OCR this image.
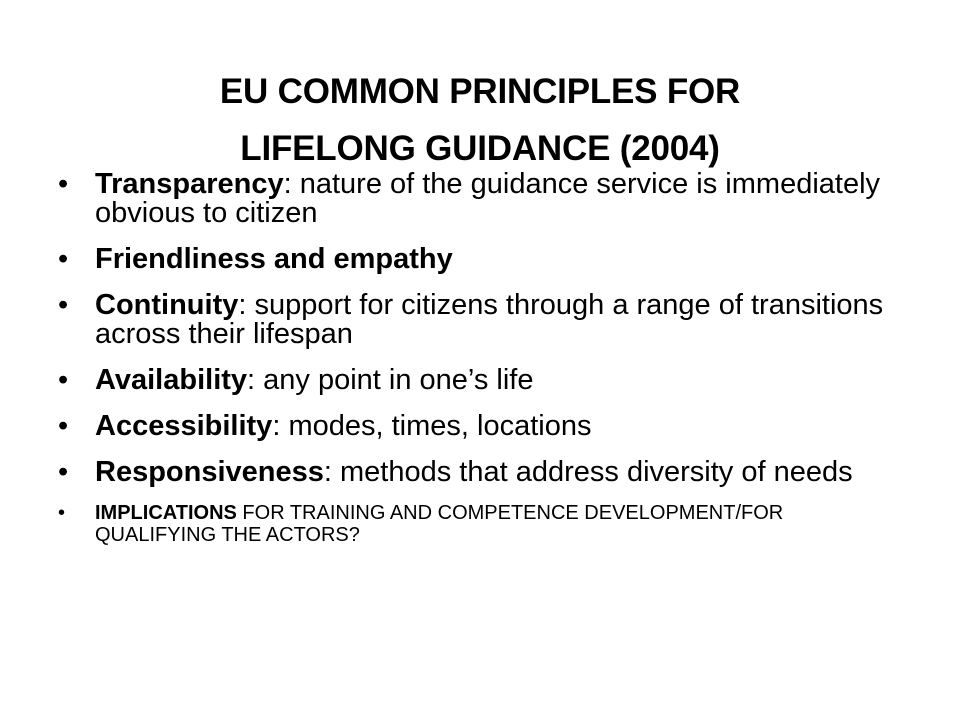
EU COMMON PRINCIPLES FOR
LIFELONG GUIDANCE (2004)
• Transparency: nature of the guidance service is immediately obvious to citizen
• Friendliness and empathy
• Continuity: support for citizens through a range of transitions across their lifespan
• Availability: any point in one’s life
• Accessibility: modes, times, locations
• Responsiveness: methods that address diversity of needs
• IMPLICATIONS FOR TRAINING AND COMPETENCE DEVELOPMENT/FOR QUALIFYING THE ACTORS?
